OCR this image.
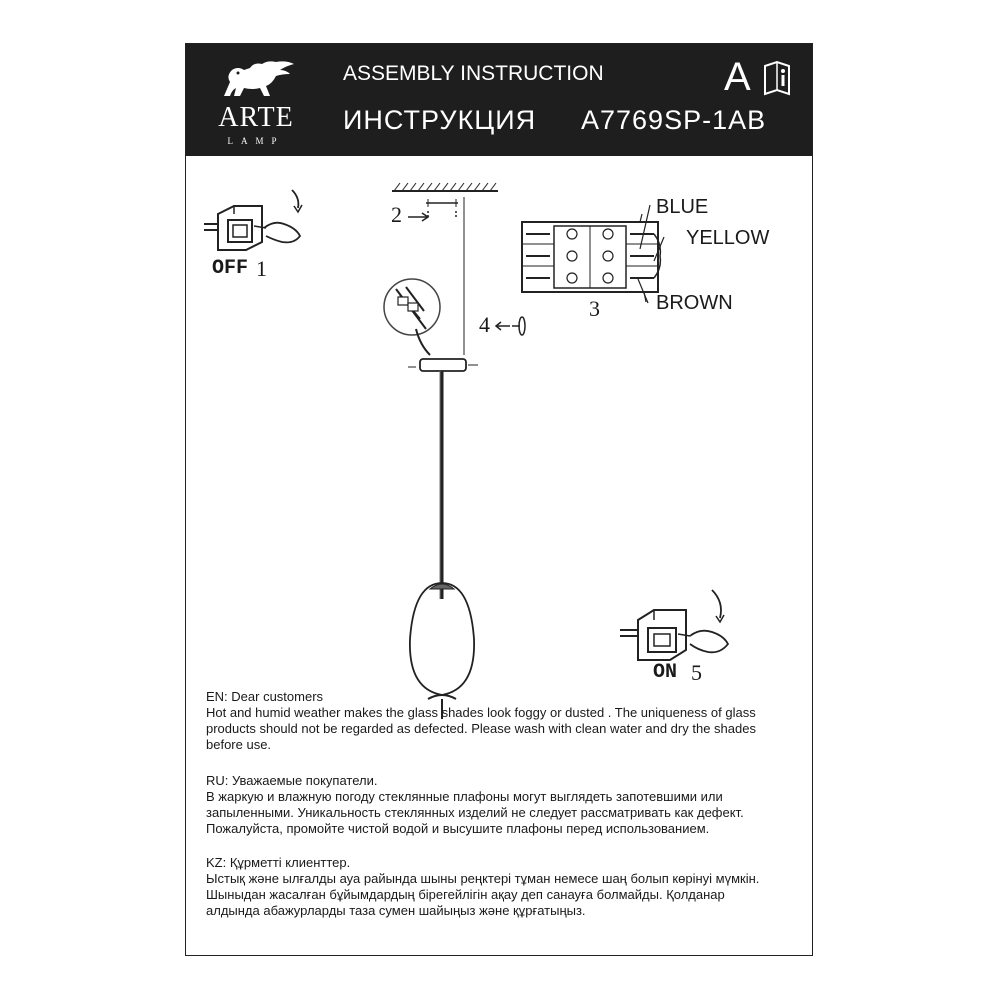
ARTE
LAMP
ASSEMBLY INSTRUCTION
ИНСТРУКЦИЯ A7769SP-1AB
A
OFF 1
2
4
BLUE
YELLOW
BROWN
3
ON 5
EN: Dear customers
Hot and humid weather makes the glass shades look foggy or dusted . The uniqueness of glass
products should not be regarded as defected. Please wash with clean water and dry the shades
before use.
RU: Уважаемые покупатели.
В жаркую и влажную погоду стеклянные плафоны могут выглядеть запотевшими или
запыленными. Уникальность стеклянных изделий не следует рассматривать как дефект.
Пожалуйста, промойте чистой водой и высушите плафоны перед использованием.
KZ: Құрметті клиенттер.
Ыстық және ылғалды ауа райында шыны реңктері тұман немесе шаң болып көрінуі мүмкін.
Шыныдан жасалған бұйымдардың бірегейлігін ақау деп санауға болмайды. Қолданар
алдында абажурларды таза сумен шайыңыз және құрғатыңыз.
